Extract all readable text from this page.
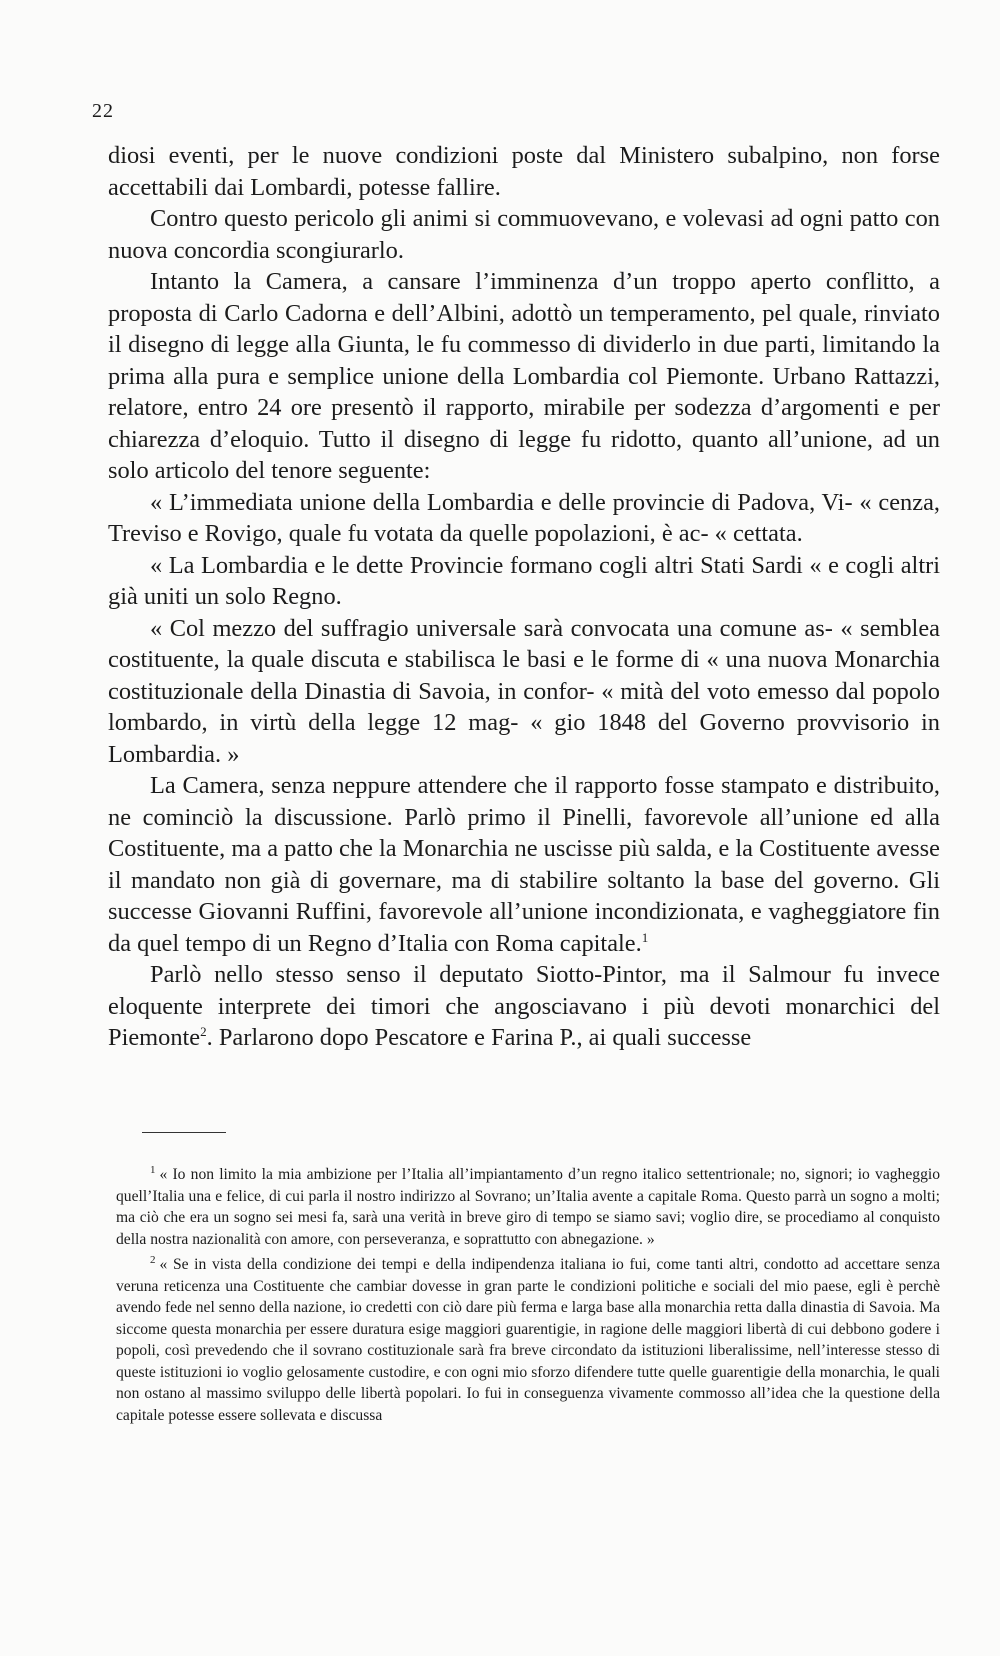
22

diosi eventi, per le nuove condizioni poste dal Ministero subalpino, non forse accettabili dai Lombardi, potesse fallire.

Contro questo pericolo gli animi si commuovevano, e volevasi ad ogni patto con nuova concordia scongiurarlo.

Intanto la Camera, a cansare l’imminenza d’un troppo aperto conflitto, a proposta di Carlo Cadorna e dell’Albini, adottò un temperamento, pel quale, rinviato il disegno di legge alla Giunta, le fu commesso di dividerlo in due parti, limitando la prima alla pura e semplice unione della Lombardia col Piemonte. Urbano Rattazzi, relatore, entro 24 ore presentò il rapporto, mirabile per sodezza d’argomenti e per chiarezza d’eloquio. Tutto il disegno di legge fu ridotto, quanto all’unione, ad un solo articolo del tenore seguente:

« L’immediata unione della Lombardia e delle provincie di Padova, Vi- « cenza, Treviso e Rovigo, quale fu votata da quelle popolazioni, è ac- « cettata.

« La Lombardia e le dette Provincie formano cogli altri Stati Sardi « e cogli altri già uniti un solo Regno.

« Col mezzo del suffragio universale sarà convocata una comune as- « semblea costituente, la quale discuta e stabilisca le basi e le forme di « una nuova Monarchia costituzionale della Dinastia di Savoia, in confor- « mità del voto emesso dal popolo lombardo, in virtù della legge 12 mag- « gio 1848 del Governo provvisorio in Lombardia. »

La Camera, senza neppure attendere che il rapporto fosse stampato e distribuito, ne cominciò la discussione. Parlò primo il Pinelli, favorevole all’unione ed alla Costituente, ma a patto che la Monarchia ne uscisse più salda, e la Costituente avesse il mandato non già di governare, ma di stabilire soltanto la base del governo. Gli successe Giovanni Ruffini, favorevole all’unione incondizionata, e vagheggiatore fin da quel tempo di un Regno d’Italia con Roma capitale.$^1$

Parlò nello stesso senso il deputato Siotto-Pintor, ma il Salmour fu invece eloquente interprete dei timori che angosciavano i più devoti monarchici del Piemonte$^2$. Parlarono dopo Pescatore e Farina P., ai quali successe

$^1$ « Io non limito la mia ambizione per l’Italia all’impiantamento d’un regno italico settentrionale; no, signori; io vagheggio quell’Italia una e felice, di cui parla il nostro indirizzo al Sovrano; un’Italia avente a capitale Roma. Questo parrà un sogno a molti; ma ciò che era un sogno sei mesi fa, sarà una verità in breve giro di tempo se siamo savi; voglio dire, se procediamo al conquisto della nostra nazionalità con amore, con perseveranza, e soprattutto con abnegazione. »

$^2$ « Se in vista della condizione dei tempi e della indipendenza italiana io fui, come tanti altri, condotto ad accettare senza veruna reticenza una Costituente che cambiar dovesse in gran parte le condizioni politiche e sociali del mio paese, egli è perchè avendo fede nel senno della nazione, io credetti con ciò dare più ferma e larga base alla monarchia retta dalla dinastia di Savoia. Ma siccome questa monarchia per essere duratura esige maggiori guarentigie, in ragione delle maggiori libertà di cui debbono godere i popoli, così prevedendo che il sovrano costituzionale sarà fra breve circondato da istituzioni liberalissime, nell’interesse stesso di queste istituzioni io voglio gelosamente custodire, e con ogni mio sforzo difendere tutte quelle guarentigie della monarchia, le quali non ostano al massimo sviluppo delle libertà popolari. Io fui in conseguenza vivamente commosso all’idea che la questione della capitale potesse essere sollevata e discussa
